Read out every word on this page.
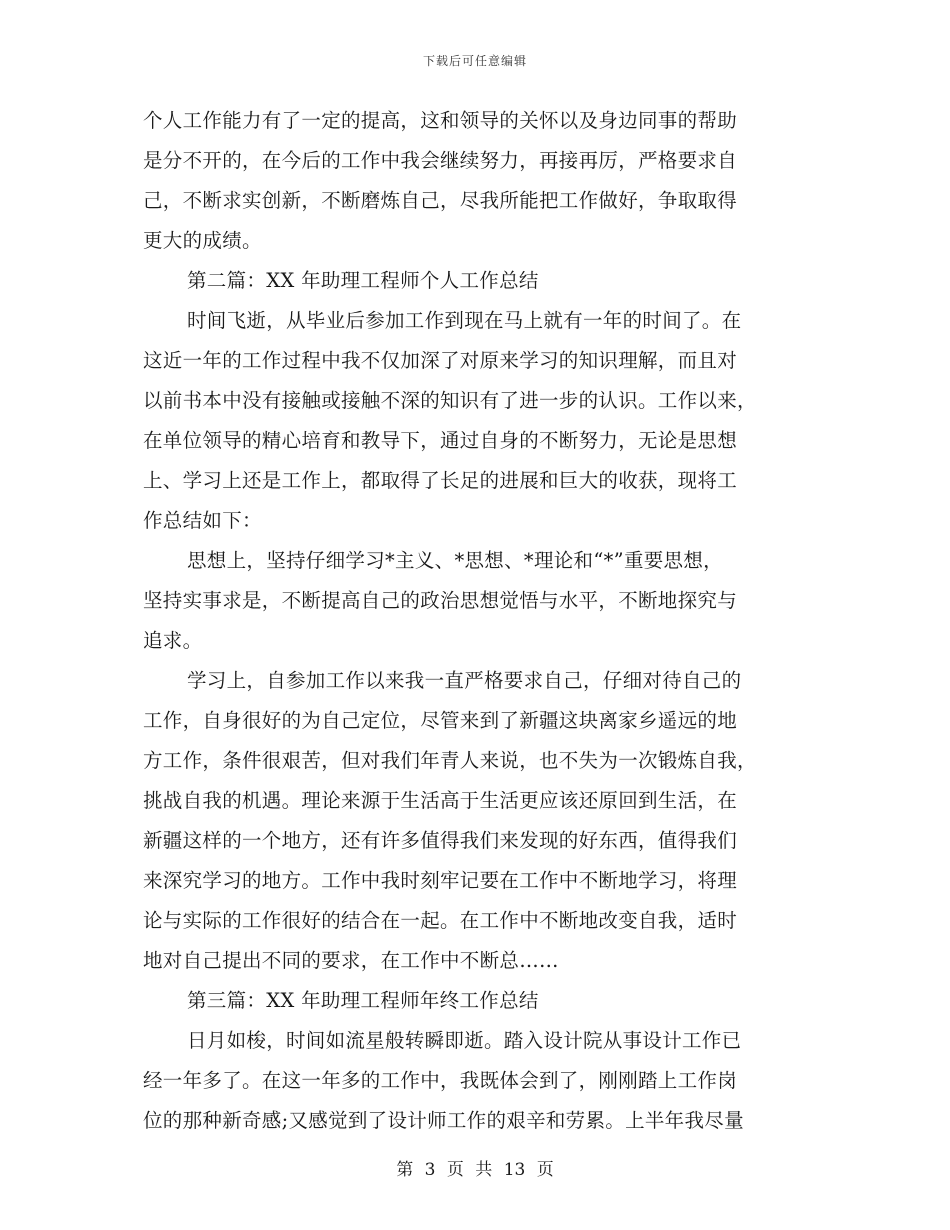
下载后可任意编辑
个人工作能力有了一定的提高，这和领导的关怀以及身边同事的帮助
是分不开的，在今后的工作中我会继续努力，再接再厉，严格要求自
己，不断求实创新，不断磨炼自己，尽我所能把工作做好，争取取得
更大的成绩。
第二篇：XX 年助理工程师个人工作总结
时间飞逝，从毕业后参加工作到现在马上就有一年的时间了。在
这近一年的工作过程中我不仅加深了对原来学习的知识理解，而且对
以前书本中没有接触或接触不深的知识有了进一步的认识。工作以来，
在单位领导的精心培育和教导下，通过自身的不断努力，无论是思想
上、学习上还是工作上，都取得了长足的进展和巨大的收获，现将工
作总结如下：
思想上，坚持仔细学习*主义、*思想、*理论和“*”重要思想，
坚持实事求是，不断提高自己的政治思想觉悟与水平，不断地探究与
追求。
学习上，自参加工作以来我一直严格要求自己，仔细对待自己的
工作，自身很好的为自己定位，尽管来到了新疆这块离家乡遥远的地
方工作，条件很艰苦，但对我们年青人来说，也不失为一次锻炼自我，
挑战自我的机遇。理论来源于生活高于生活更应该还原回到生活，在
新疆这样的一个地方，还有许多值得我们来发现的好东西，值得我们
来深究学习的地方。工作中我时刻牢记要在工作中不断地学习，将理
论与实际的工作很好的结合在一起。在工作中不断地改变自我，适时
地对自己提出不同的要求，在工作中不断总……
第三篇：XX 年助理工程师年终工作总结
日月如梭，时间如流星般转瞬即逝。踏入设计院从事设计工作已
经一年多了。在这一年多的工作中，我既体会到了，刚刚踏上工作岗
位的那种新奇感;又感觉到了设计师工作的艰辛和劳累。上半年我尽量
第 3 页 共 13 页
